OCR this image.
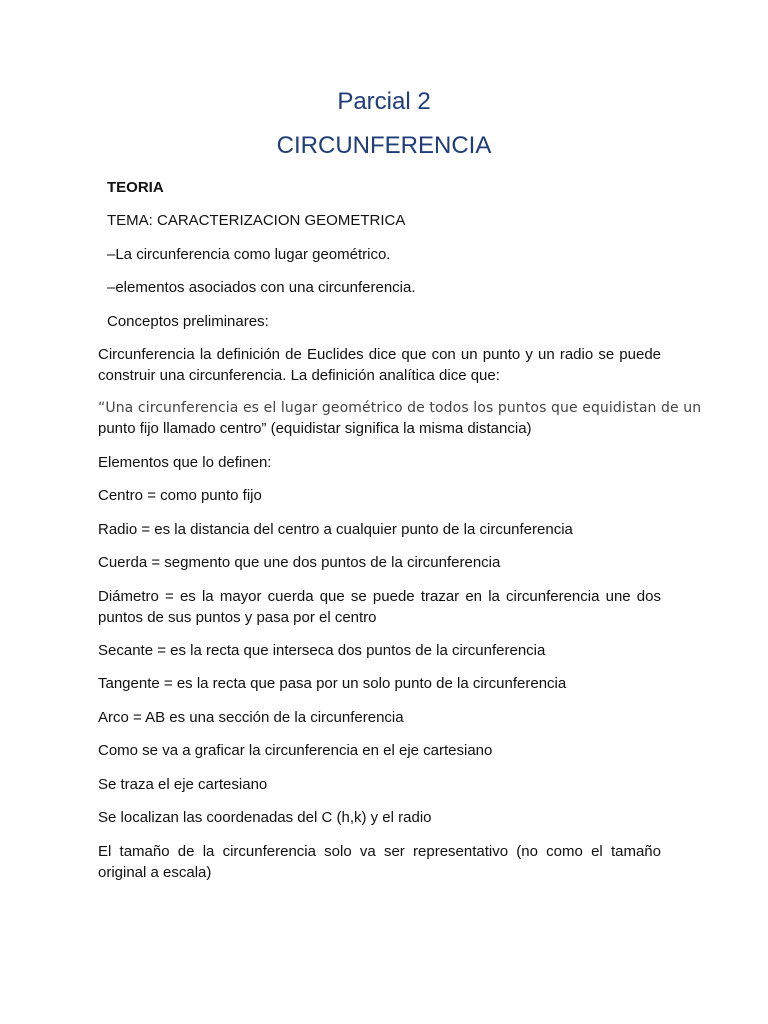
Parcial 2
CIRCUNFERENCIA
TEORIA
TEMA: CARACTERIZACION GEOMETRICA
–La circunferencia como lugar geométrico.
–elementos asociados con una circunferencia.
Conceptos preliminares:
Circunferencia la definición de Euclides dice que con un punto y un radio se puede construir una circunferencia. La definición analítica dice que:
“Una circunferencia es el lugar geométrico de todos los puntos que equidistan de un
punto fijo llamado centro” (equidistar significa la misma distancia)
Elementos que lo definen:
Centro = como punto fijo
Radio = es la distancia del centro a cualquier punto de la circunferencia
Cuerda = segmento que une dos puntos de la circunferencia
Diámetro = es la mayor cuerda que se puede trazar en la circunferencia une dos puntos de sus puntos y pasa por el centro
Secante = es la recta que interseca dos puntos de la circunferencia
Tangente = es la recta que pasa por un solo punto de la circunferencia
Arco = AB es una sección de la circunferencia
Como se va a graficar la circunferencia en el eje cartesiano
Se traza el eje cartesiano
Se localizan las coordenadas del C (h,k) y el radio
El tamaño de la circunferencia solo va ser representativo (no como el tamaño original a escala)
